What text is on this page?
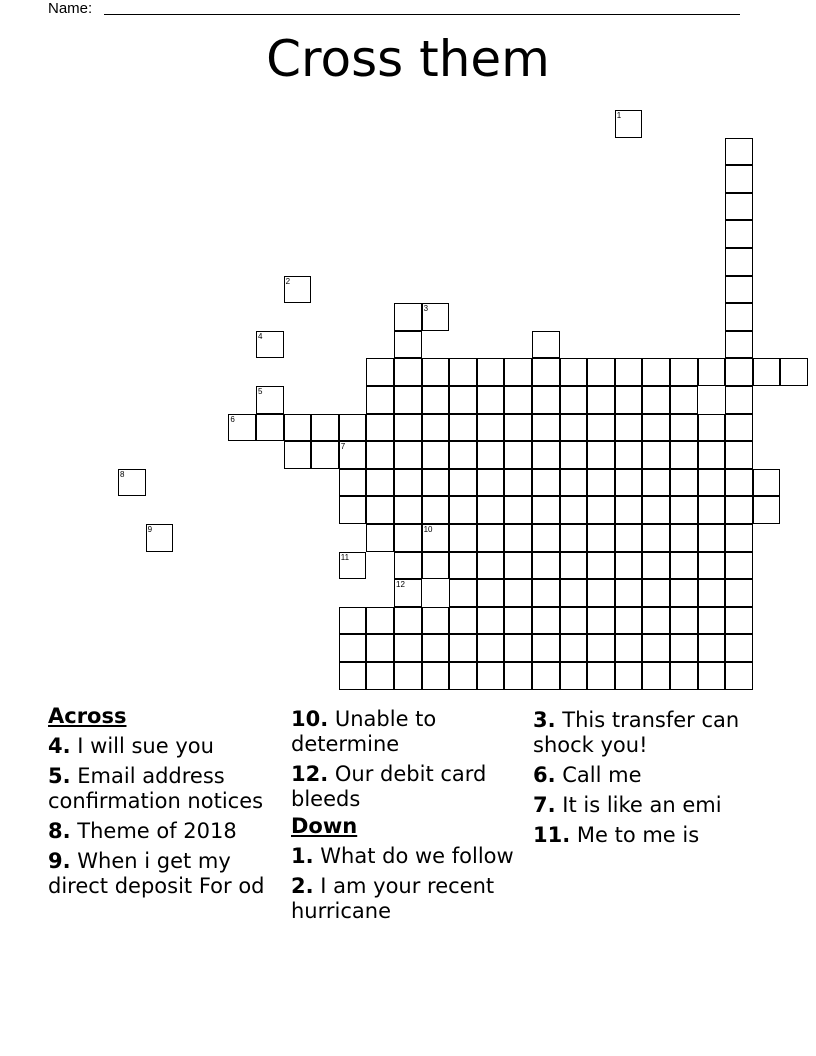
Name:
Cross them
7
10
1
2
3
4
5
6
8
9
11
12
Across
4. I will sue you
5. Email address confirmation notices
8. Theme of 2018
9. When i get my direct deposit For od
10. Unable to determine
12. Our debit card bleeds
Down
1. What do we follow
2. I am your recent hurricane
3. This transfer can shock you!
6. Call me
7. It is like an emi
11. Me to me is
